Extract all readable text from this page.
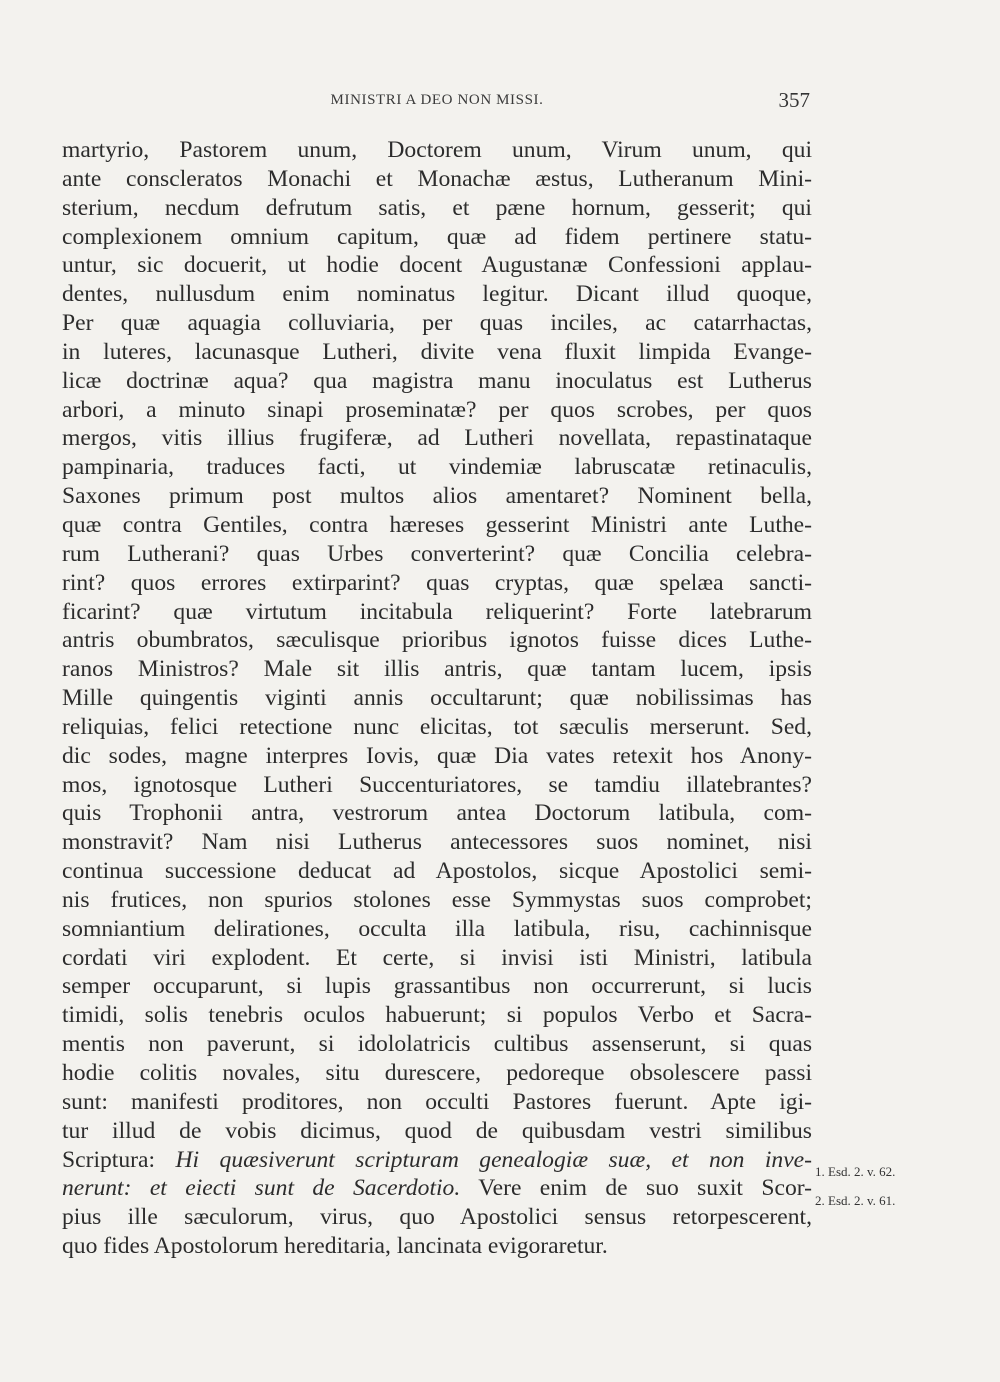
MINISTRI A DEO NON MISSI.	357
martyrio, Pastorem unum, Doctorem unum, Virum unum, qui
ante conscleratos Monachi et Monachæ æstus, Lutheranum Mini-
sterium, necdum defrutum satis, et pæne hornum, gesserit; qui
complexionem omnium capitum, quæ ad fidem pertinere statu-
untur, sic docuerit, ut hodie docent Augustanæ Confessioni applau-
dentes, nullusdum enim nominatus legitur. Dicant illud quoque,
Per quæ aquagia colluviaria, per quas inciles, ac catarrhactas,
in luteres, lacunasque Lutheri, divite vena fluxit limpida Evange-
licæ doctrinæ aqua? qua magistra manu inoculatus est Lutherus
arbori, a minuto sinapi proseminatæ? per quos scrobes, per quos
mergos, vitis illius frugiferæ, ad Lutheri novellata, repastinataque
pampinaria, traduces facti, ut vindemiæ labruscatæ retinaculis,
Saxones primum post multos alios amentaret? Nominent bella,
quæ contra Gentiles, contra hæreses gesserint Ministri ante Luthe-
rum Lutherani? quas Urbes converterint? quæ Concilia celebra-
rint? quos errores extirparint? quas cryptas, quæ spelæa sancti-
ficarint? quæ virtutum incitabula reliquerint? Forte latebrarum
antris obumbratos, sæculisque prioribus ignotos fuisse dices Luthe-
ranos Ministros? Male sit illis antris, quæ tantam lucem, ipsis
Mille quingentis viginti annis occultarunt; quæ nobilissimas has
reliquias, felici retectione nunc elicitas, tot sæculis merserunt. Sed,
dic sodes, magne interpres Iovis, quæ Dia vates retexit hos Anony-
mos, ignotosque Lutheri Succenturiatores, se tamdiu illatebrantes?
quis Trophonii antra, vestrorum antea Doctorum latibula, com-
monstravit? Nam nisi Lutherus antecessores suos nominet, nisi
continua successione deducat ad Apostolos, sicque Apostolici semi-
nis frutices, non spurios stolones esse Symmystas suos comprobet;
somniantium delirationes, occulta illa latibula, risu, cachinnisque
cordati viri explodent. Et certe, si invisi isti Ministri, latibula
semper occuparunt, si lupis grassantibus non occurrerunt, si lucis
timidi, solis tenebris oculos habuerunt; si populos Verbo et Sacra-
mentis non paverunt, si idololatricis cultibus assenserunt, si quas
hodie colitis novales, situ durescere, pedoreque obsolescere passi
sunt: manifesti proditores, non occulti Pastores fuerunt. Apte igi-
tur illud de vobis dicimus, quod de quibusdam vestri similibus
Scriptura: Hi quæsiverunt scripturam genealogiæ suæ, et non inve-
nerunt: et eiecti sunt de Sacerdotio. Vere enim de suo suxit Scor-
pius ille sæculorum, virus, quo Apostolici sensus retorpescerent,
quo fides Apostolorum hereditaria, lancinata evigoraretur.
1. Esd. 2. v. 62.
2. Esd. 2. v. 61.
